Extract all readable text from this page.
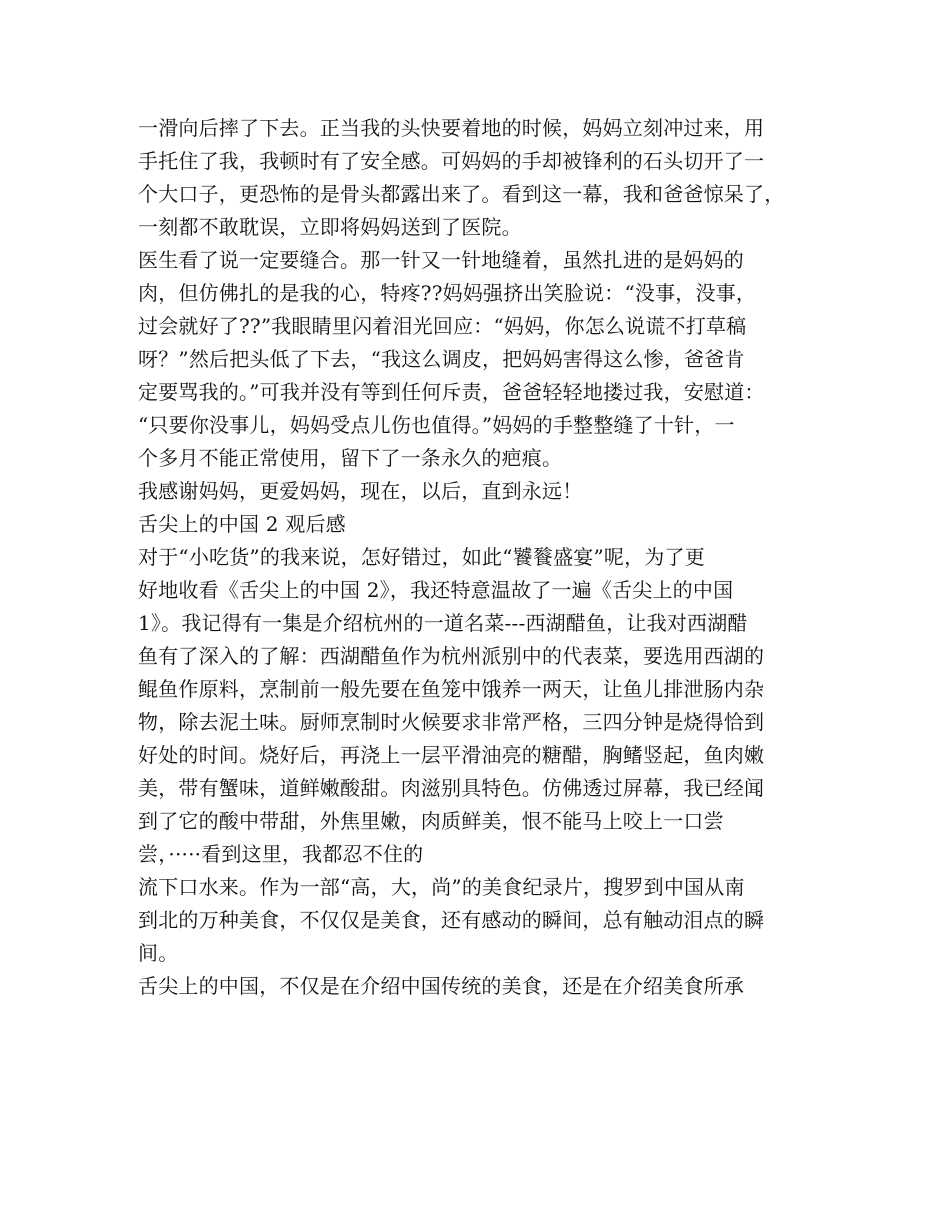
一滑向后摔了下去。正当我的头快要着地的时候，妈妈立刻冲过来，用
手托住了我，我顿时有了安全感。可妈妈的手却被锋利的石头切开了一
个大口子，更恐怖的是骨头都露出来了。看到这一幕，我和爸爸惊呆了，
一刻都不敢耽误，立即将妈妈送到了医院。
医生看了说一定要缝合。那一针又一针地缝着，虽然扎进的是妈妈的
肉，但仿佛扎的是我的心，特疼??妈妈强挤出笑脸说：“没事，没事，
过会就好了??”我眼睛里闪着泪光回应：“妈妈，你怎么说谎不打草稿
呀？”然后把头低了下去，“我这么调皮，把妈妈害得这么惨，爸爸肯
定要骂我的。”可我并没有等到任何斥责，爸爸轻轻地搂过我，安慰道：
“只要你没事儿，妈妈受点儿伤也值得。”妈妈的手整整缝了十针，一
个多月不能正常使用，留下了一条永久的疤痕。
我感谢妈妈，更爱妈妈，现在，以后，直到永远！
舌尖上的中国 2 观后感
对于“小吃货”的我来说，怎好错过，如此“饕餮盛宴”呢，为了更
好地收看《舌尖上的中国 2》，我还特意温故了一遍《舌尖上的中国
1》。我记得有一集是介绍杭州的一道名菜---西湖醋鱼，让我对西湖醋
鱼有了深入的了解：西湖醋鱼作为杭州派别中的代表菜，要选用西湖的
鲲鱼作原料，烹制前一般先要在鱼笼中饿养一两天，让鱼儿排泄肠内杂
物，除去泥土味。厨师烹制时火候要求非常严格，三四分钟是烧得恰到
好处的时间。烧好后，再浇上一层平滑油亮的糖醋，胸鳍竖起，鱼肉嫩
美，带有蟹味，道鲜嫩酸甜。肉滋别具特色。仿佛透过屏幕，我已经闻
到了它的酸中带甜，外焦里嫩，肉质鲜美，恨不能马上咬上一口尝
尝，·····看到这里，我都忍不住的
流下口水来。作为一部“高，大，尚”的美食纪录片，搜罗到中国从南
到北的万种美食，不仅仅是美食，还有感动的瞬间，总有触动泪点的瞬
间。
舌尖上的中国，不仅是在介绍中国传统的美食，还是在介绍美食所承
